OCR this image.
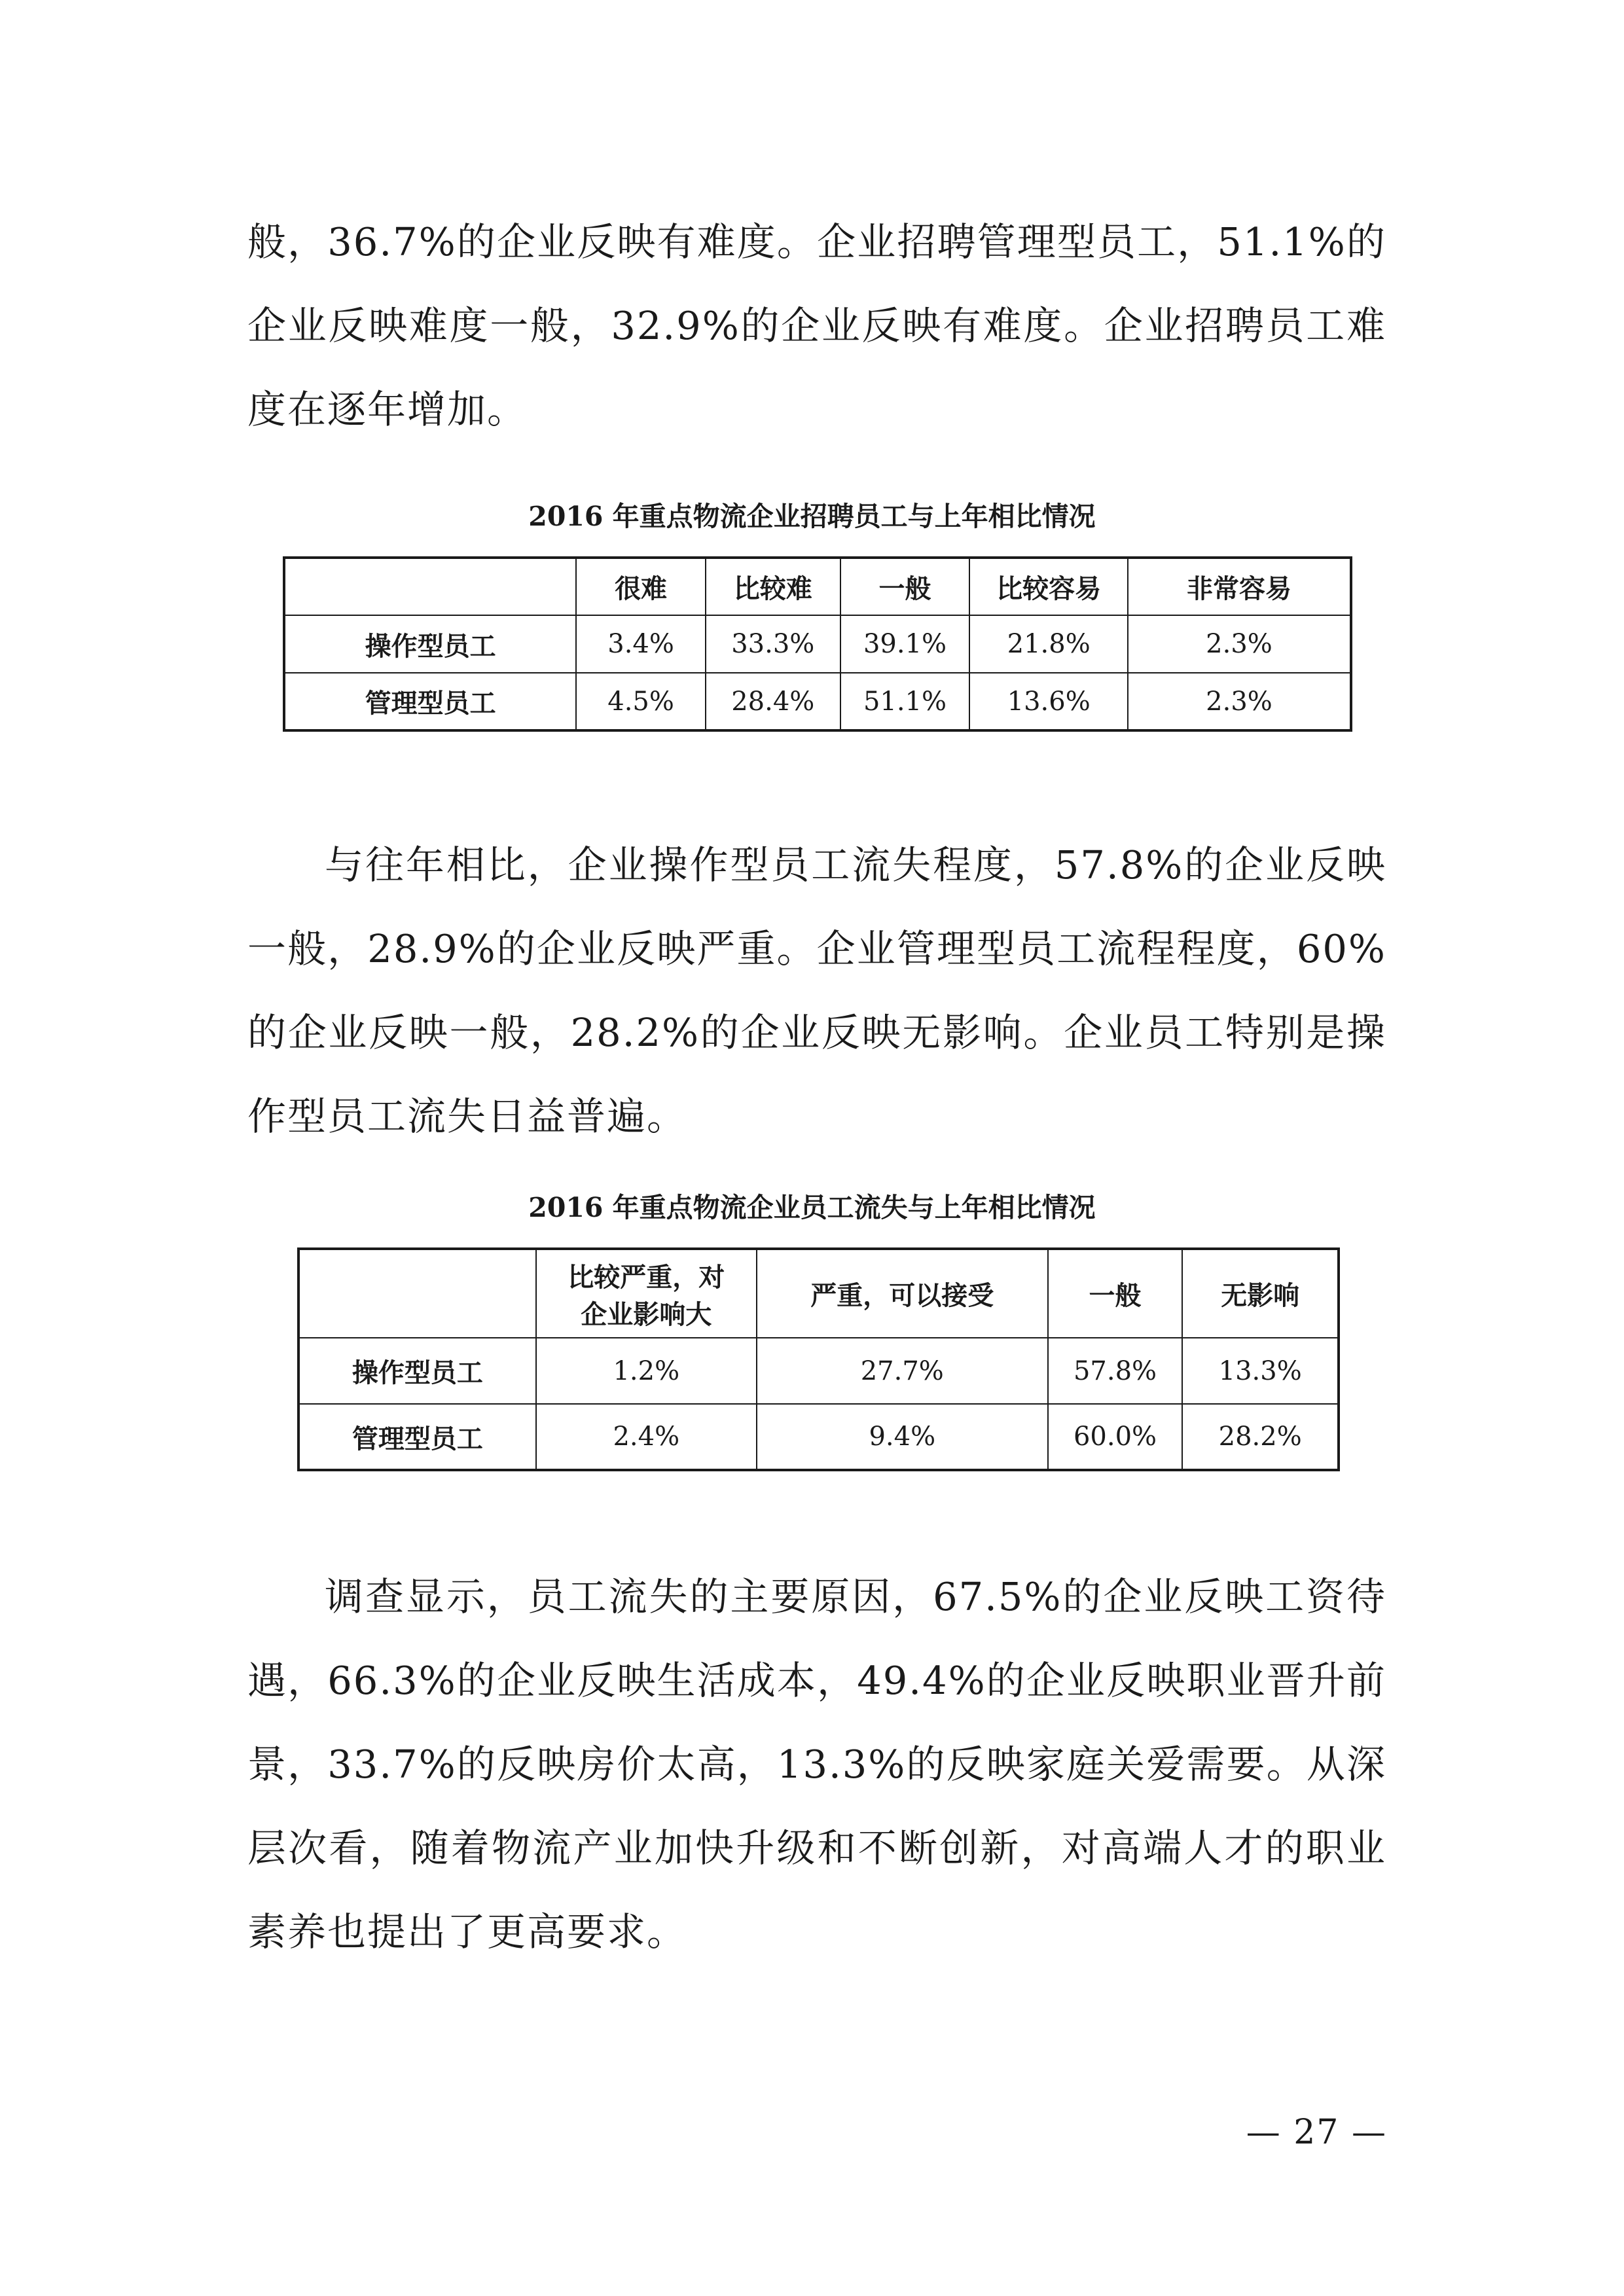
般，36.7%的企业反映有难度。企业招聘管理型员工，51.1%的企业反映难度一般，32.9%的企业反映有难度。企业招聘员工难度在逐年增加。

2016 年重点物流企业招聘员工与上年相比情况

	很难	比较难	一般	比较容易	非常容易
操作型员工	3.4%	33.3%	39.1%	21.8%	2.3%
管理型员工	4.5%	28.4%	51.1%	13.6%	2.3%

与往年相比，企业操作型员工流失程度，57.8%的企业反映一般，28.9%的企业反映严重。企业管理型员工流程程度，60%的企业反映一般，28.2%的企业反映无影响。企业员工特别是操作型员工流失日益普遍。

2016 年重点物流企业员工流失与上年相比情况

	比较严重，对企业影响大	严重，可以接受	一般	无影响
操作型员工	1.2%	27.7%	57.8%	13.3%
管理型员工	2.4%	9.4%	60.0%	28.2%

调查显示，员工流失的主要原因，67.5%的企业反映工资待遇，66.3%的企业反映生活成本，49.4%的企业反映职业晋升前景，33.7%的反映房价太高，13.3%的反映家庭关爱需要。从深层次看，随着物流产业加快升级和不断创新，对高端人才的职业素养也提出了更高要求。

— 27 —
